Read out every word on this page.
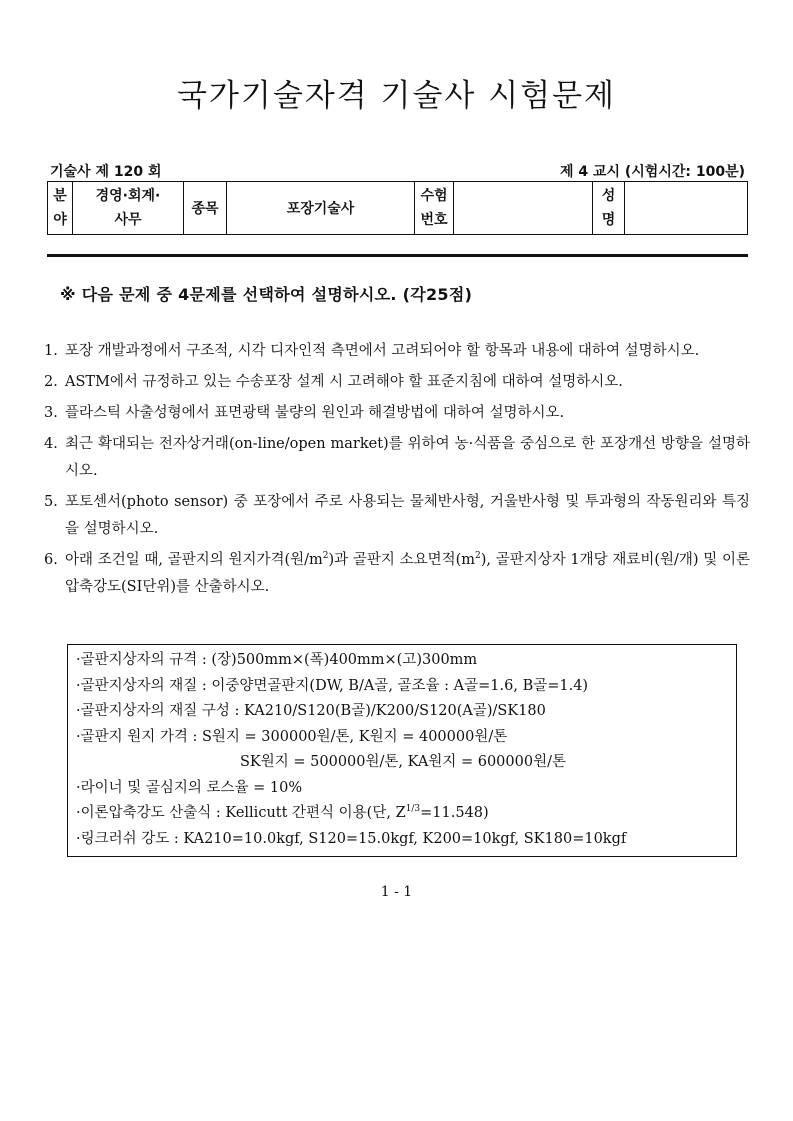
국가기술자격 기술사 시험문제
기술사 제 120 회	제 4 교시 (시험시간: 100분)
분
야	경영·회계·
사무	종목	포장기술사	수험
번호		성
명	
※ 다음 문제 중 4문제를 선택하여 설명하시오. (각25점)
1. 포장 개발과정에서 구조적, 시각 디자인적 측면에서 고려되어야 할 항목과 내용에 대하여 설명하시오.
2. ASTM에서 규정하고 있는 수송포장 설계 시 고려해야 할 표준지침에 대하여 설명하시오.
3. 플라스틱 사출성형에서 표면광택 불량의 원인과 해결방법에 대하여 설명하시오.
4. 최근 확대되는 전자상거래(on-line/open market)를 위하여 농·식품을 중심으로 한 포장개선 방향을 설명하시오.
5. 포토센서(photo sensor) 중 포장에서 주로 사용되는 물체반사형, 거울반사형 및 투과형의 작동원리와 특징을 설명하시오.
6. 아래 조건일 때, 골판지의 원지가격(원$/m^2$)과 골판지 소요면적$(m^2)$, 골판지상자 1개당 재료비(원/개) 및 이론압축강도(SI단위)를 산출하시오.
·골판지상자의 규격 : (장)500mm×(폭)400mm×(고)300mm
·골판지상자의 재질 : 이중양면골판지(DW, B/A골, 골조율 : A골=1.6, B골=1.4)
·골판지상자의 재질 구성 : KA210/S120(B골)/K200/S120(A골)/SK180
·골판지 원지 가격 : S원지 = 300000원/톤, K원지 = 400000원/톤
SK원지 = 500000원/톤, KA원지 = 600000원/톤
·라이너 및 골심지의 로스율 = 10%
·이론압축강도 산출식 : Kellicutt 간편식 이용(단, $Z^{1/3}=11.548$)
·링크러쉬 강도 : KA210=10.0kgf, S120=15.0kgf, K200=10kgf, SK180=10kgf
1 - 1
